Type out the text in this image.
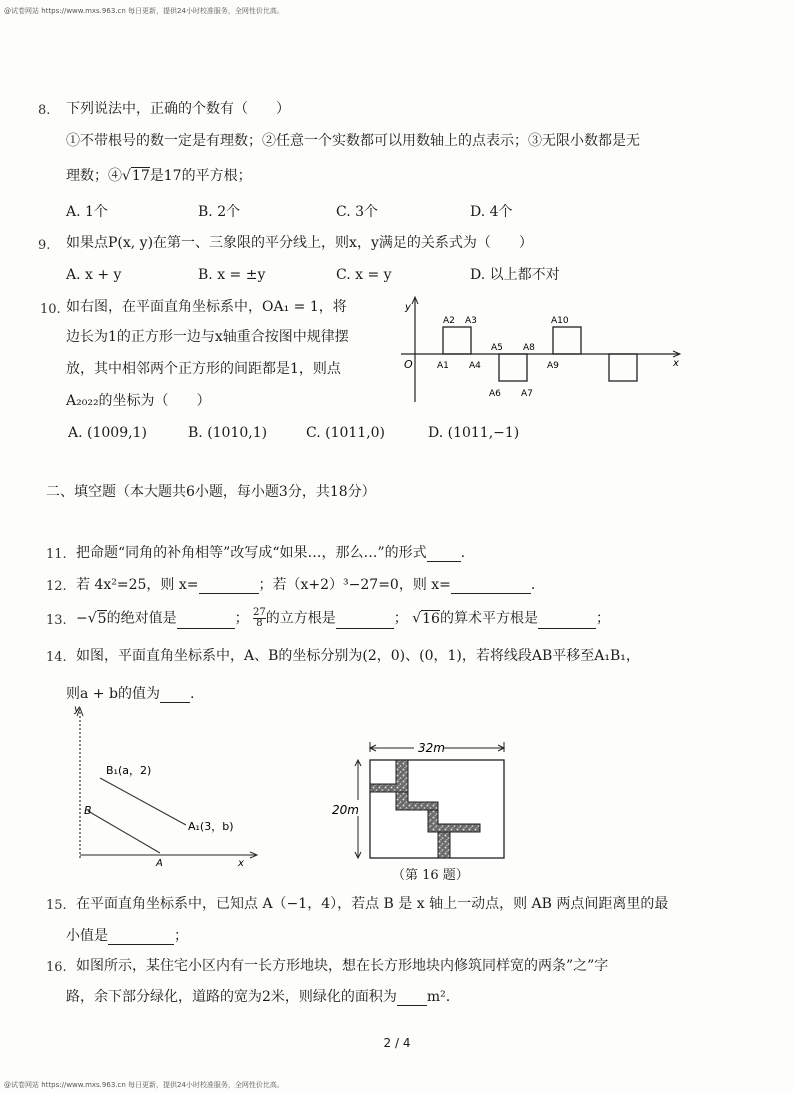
@试卷网站 https://www.mxs.963.cn 每日更新，提供24小时校准服务，全网性价比高。
@试卷网站 https://www.mxs.963.cn 每日更新，提供24小时校准服务，全网性价比高。
8. 下列说法中，正确的个数有（　　）
①不带根号的数一定是有理数；②任意一个实数都可以用数轴上的点表示；③无限小数都是无
理数；④√17是17的平方根；
A. 1个	B. 2个	C. 3个	D. 4个
9. 如果点P(x, y)在第一、三象限的平分线上，则x，y满足的关系式为（　　）
A. x + y	B. x = ±y	C. x = y	D. 以上都不对
10. 如右图，在平面直角坐标系中，OA₁ = 1，将
边长为1的正方形一边与x轴重合按图中规律摆
放，其中相邻两个正方形的间距都是1，则点
A₂₀₂₂的坐标为（　　）
A. (1009,1)	B. (1010,1)	C. (1011,0)	D. (1011,−1)
y
O	x
A2 A3
A1 A4
A5 A8
A6 A7
A10
A9
二、填空题（本大题共6小题，每小题3分，共18分）
11. 把命题“同角的补角相等”改写成“如果…，那么…”的形式 .
12. 若 4x²=25，则 x=	；若（x+2）³−27=0，则 x=	.
13. −√5的绝对值是	； $\frac{27}{8}$ 的立方根是	； √16的算术平方根是	；
14. 如图，平面直角坐标系中，A、B的坐标分别为(2，0)、(0，1)，若将线段AB平移至A₁B₁，
则a + b的值为 .
y
B₁(a，2)
A₁(3，b)
B
A	x
32m
20m
（第 16 题）
15. 在平面直角坐标系中，已知点 A（−1，4），若点 B 是 x 轴上一动点，则 AB 两点间距离里的最
小值是	；
16. 如图所示，某住宅小区内有一长方形地块，想在长方形地块内修筑同样宽的两条”之”字
路，余下部分绿化，道路的宽为2米，则绿化的面积为 m².
2 / 4
